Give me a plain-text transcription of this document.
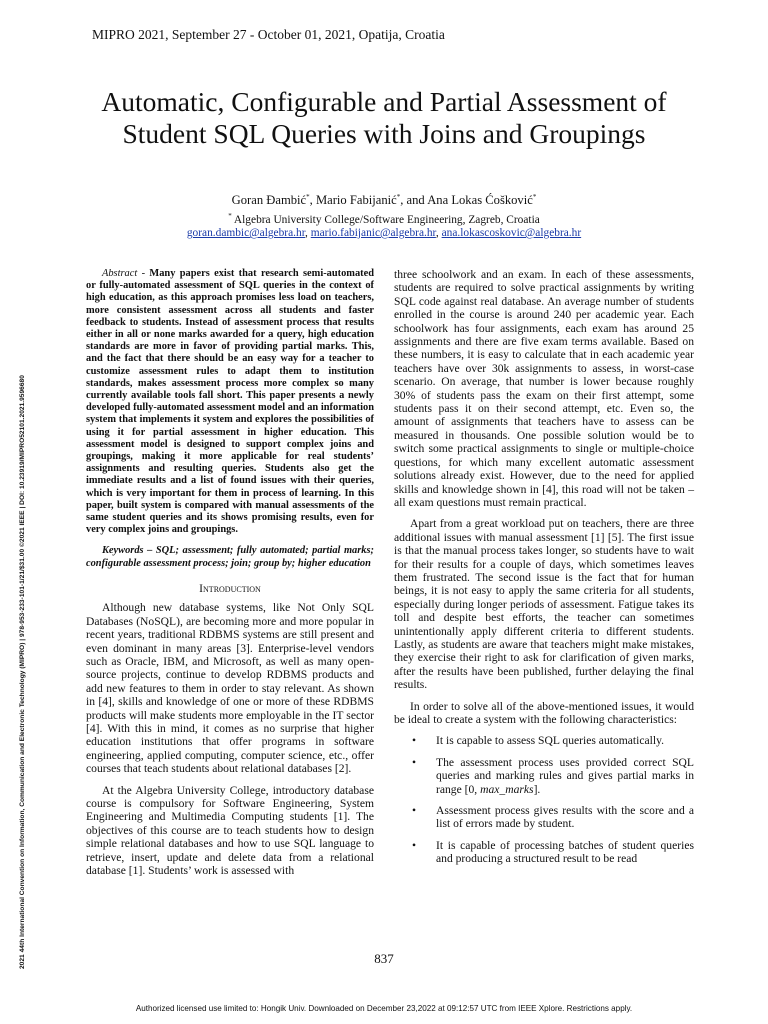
MIPRO 2021, September 27 - October 01, 2021, Opatija, Croatia
2021 44th International Convention on Information, Communication and Electronic Technology (MIPRO) | 978-953-233-101-1/21/$31.00 ©2021 IEEE | DOI: 10.23919/MIPRO52101.2021.9596680
Automatic, Configurable and Partial Assessment of Student SQL Queries with Joins and Groupings
Goran Đambić*, Mario Fabijanić*, and Ana Lokas Ćošković*
* Algebra University College/Software Engineering, Zagreb, Croatia
goran.dambic@algebra.hr, mario.fabijanic@algebra.hr, ana.lokascoskovic@algebra.hr

Abstract - Many papers exist that research semi-automated or fully-automated assessment of SQL queries in the context of high education, as this approach promises less load on teachers, more consistent assessment across all students and faster feedback to students. Instead of assessment process that results either in all or none marks awarded for a query, high education standards are more in favor of providing partial marks. This, and the fact that there should be an easy way for a teacher to customize assessment rules to adapt them to institution standards, makes assessment process more complex so many currently available tools fall short. This paper presents a newly developed fully-automated assessment model and an information system that implements it system and explores the possibilities of using it for partial assessment in higher education. This assessment model is designed to support complex joins and groupings, making it more applicable for real students’ assignments and resulting queries. Students also get the immediate results and a list of found issues with their queries, which is very important for them in process of learning. In this paper, built system is compared with manual assessments of the same student queries and its shows promising results, even for very complex joins and groupings.

Keywords – SQL; assessment; fully automated; partial marks; configurable assessment process; join; group by; higher education

Introduction

Although new database systems, like Not Only SQL Databases (NoSQL), are becoming more and more popular in recent years, traditional RDBMS systems are still present and even dominant in many areas [3]. Enterprise-level vendors such as Oracle, IBM, and Microsoft, as well as many open-source projects, continue to develop RDBMS products and add new features to them in order to stay relevant. As shown in [4], skills and knowledge of one or more of these RDBMS products will make students more employable in the IT sector [4]. With this in mind, it comes as no surprise that higher education institutions that offer programs in software engineering, applied computing, computer science, etc., offer courses that teach students about relational databases [2].

At the Algebra University College, introductory database course is compulsory for Software Engineering, System Engineering and Multimedia Computing students [1]. The objectives of this course are to teach students how to design simple relational databases and how to use SQL language to retrieve, insert, update and delete data from a relational database [1]. Students’ work is assessed with

three schoolwork and an exam. In each of these assessments, students are required to solve practical assignments by writing SQL code against real database. An average number of students enrolled in the course is around 240 per academic year. Each schoolwork has four assignments, each exam has around 25 assignments and there are five exam terms available. Based on these numbers, it is easy to calculate that in each academic year teachers have over 30k assignments to assess, in worst-case scenario. On average, that number is lower because roughly 30% of students pass the exam on their first attempt, some students pass it on their second attempt, etc. Even so, the amount of assignments that teachers have to assess can be measured in thousands. One possible solution would be to switch some practical assignments to single or multiple-choice questions, for which many excellent automatic assessment solutions already exist. However, due to the need for applied skills and knowledge shown in [4], this road will not be taken – all exam questions must remain practical.

Apart from a great workload put on teachers, there are three additional issues with manual assessment [1] [5]. The first issue is that the manual process takes longer, so students have to wait for their results for a couple of days, which sometimes leaves them frustrated. The second issue is the fact that for human beings, it is not easy to apply the same criteria for all students, especially during longer periods of assessment. Fatigue takes its toll and despite best efforts, the teacher can sometimes unintentionally apply different criteria to different students. Lastly, as students are aware that teachers might make mistakes, they exercise their right to ask for clarification of given marks, after the results have been published, further delaying the final results.

In order to solve all of the above-mentioned issues, it would be ideal to create a system with the following characteristics:

• It is capable to assess SQL queries automatically.
• The assessment process uses provided correct SQL queries and marking rules and gives partial marks in range [0, max_marks].
• Assessment process gives results with the score and a list of errors made by student.
• It is capable of processing batches of student queries and producing a structured result to be read
837
Authorized licensed use limited to: Hongik Univ. Downloaded on December 23,2022 at 09:12:57 UTC from IEEE Xplore. Restrictions apply.
